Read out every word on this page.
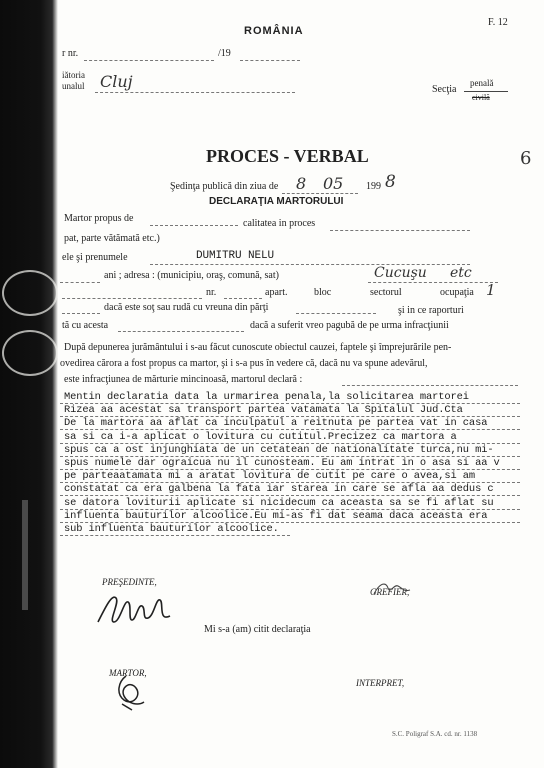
ROMÂNIA
F. 12
r nr.	/19
iătoria
unalul Cluj	Secţia
penală
civilă
6
PROCES - VERBAL
Şedinţa publică din ziua de 8 05 199 8
DECLARAŢIA MARTORULUI
Martor propus de	calitatea in proces
pat, parte vătămată etc.)
ele şi prenumele	DUMITRU NELU
ani ; adresa : (municipiu, oraş, comună, sat)	Cucuşu etc
nr.	apart.	bloc	sectorul	ocupaţia 1
dacă este soţ sau rudă cu vreuna din părţi	şi in ce raporturi
tă cu acesta	dacă a suferit vreo pagubă de pe urma infracţiunii
După depunerea jurământului i s-au făcut cunoscute obiectul cauzei, faptele şi împrejurările pen-
ovedirea cărora a fost propus ca martor, şi i s-a pus în vedere că, dacă nu va spune adevărul,
este infracţiunea de mărturie mincinoasă, martorul declară :
Mentin declaratia data la urmarirea penala,la solicitarea martorei
Rizea aa acestat sa transport partea vatamata la Spitalul Jud.Cta
De la martora aa aflat ca inculpatul a reitnuta pe partea vat in casa
sa si ca i-a aplicat o lovitura cu cutitul.Precizez ca martora a
spus ca a ost injunghiata de un cetatean de nationalitate turca,nu mi-
spus numele dar ograicua nu il cunosteam. Eu am intrat in o asa si aa v
pe parteaatamata mi a aratat lovitura de cutit pe care o avea,si am
constatat ca era galbena la fata iar starea in care se afla aa dedus c
se datora loviturii aplicate si nicidecum ca aceasta sa se fi aflat su
influenta bauturilor alcoolice.Eu mi-as fi dat seama daca aceasta era
sub influenta bauturilor alcoolice.
PREŞEDINTE,
GREFIER,
Mi s-a (am) citit declaraţia
MARTOR,
INTERPRET,
S.C. Poligraf S.A. cd. nr. 1138
